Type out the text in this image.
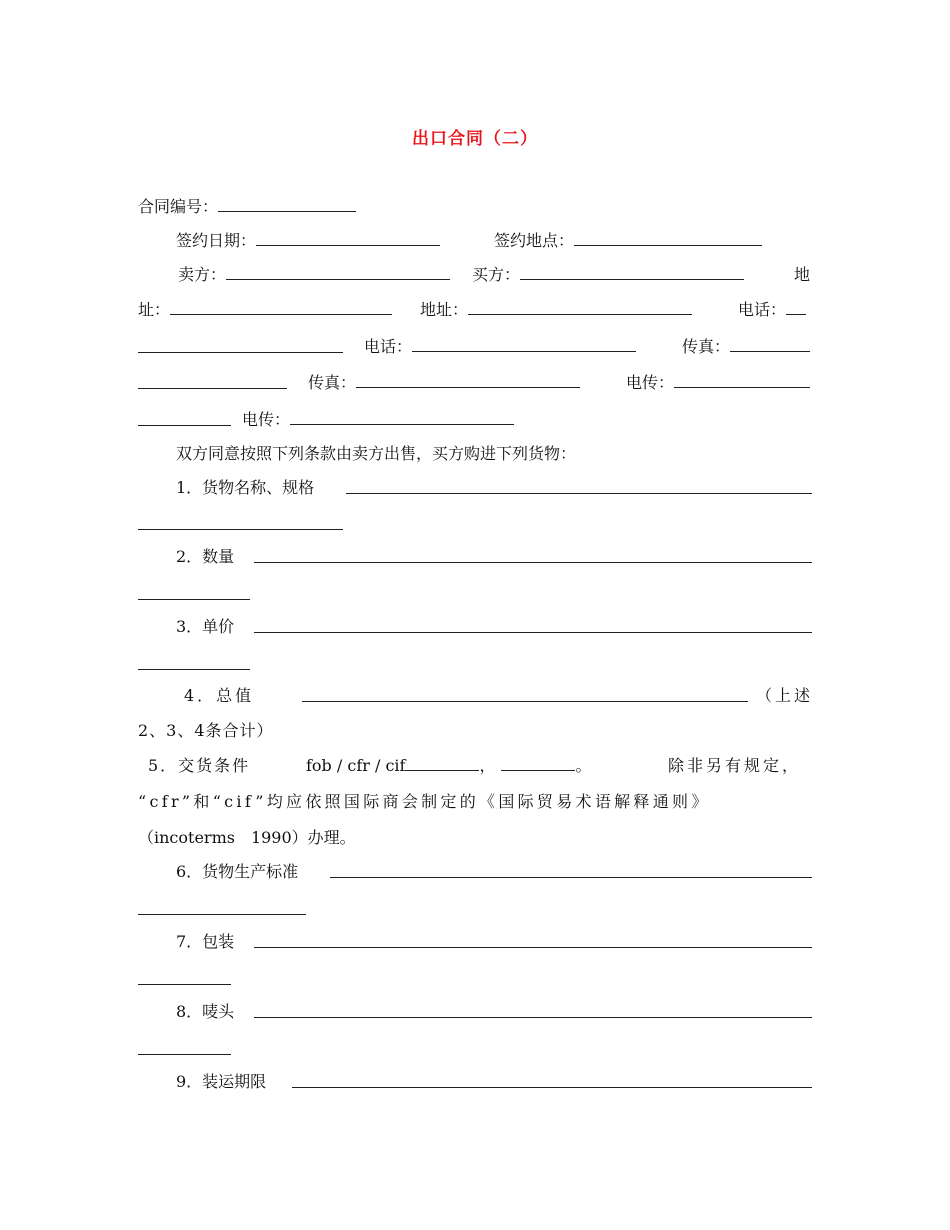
出口合同（二）
合同编号：
签约日期：	签约地点：
卖方：	买方：	地
址：	地址：	电话：
电话：	传真：
传真：	电传：
电传：
双方同意按照下列条款由卖方出售，买方购进下列货物：
1．货物名称、规格
2．数量
3．单价
4．总值	（上述
2、3、4条合计）
5．交货条件	fob / cfr / cif	，	。	除非另有规定，
“cfr”和“cif”均应依照国际商会制定的《国际贸易术语解释通则》
（incoterms　1990）办理。
6．货物生产标准
7．包装
8．唛头
9．装运期限
